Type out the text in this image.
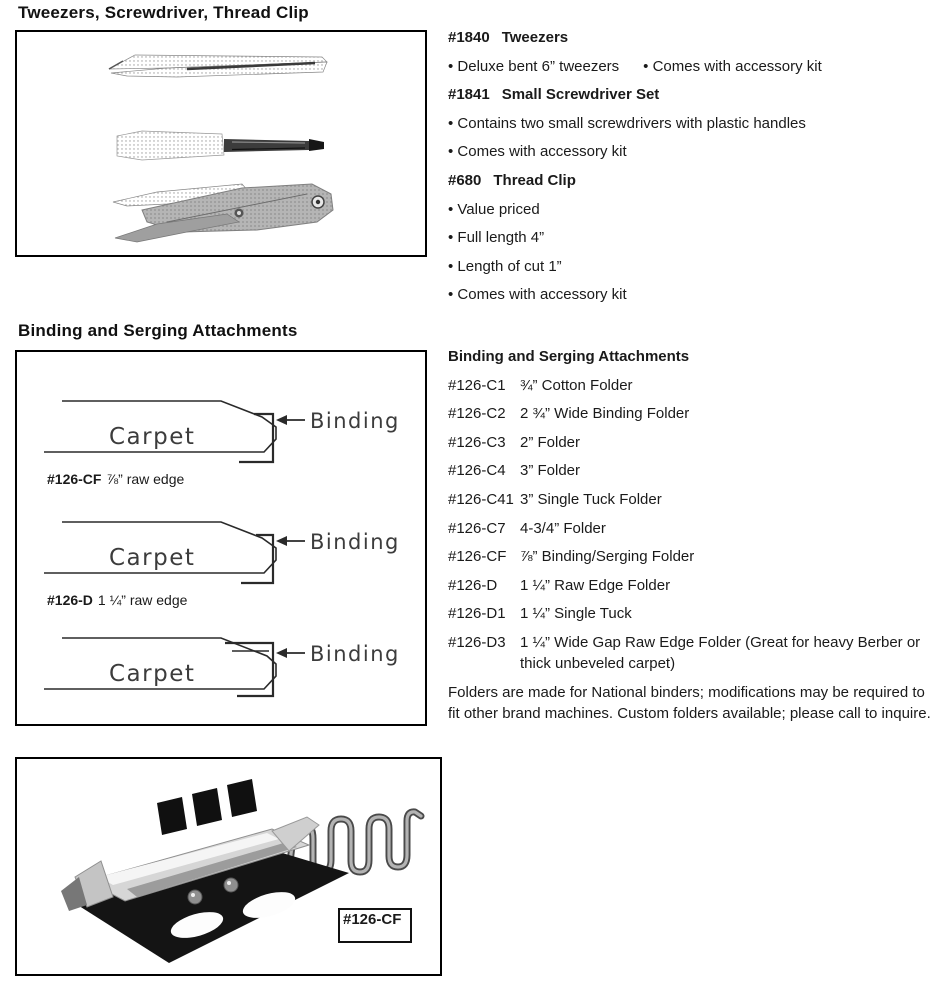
Tweezers, Screwdriver, Thread Clip
#1840 Tweezers
• Deluxe bent 6” tweezers • Comes with accessory kit
#1841 Small Screwdriver Set
• Contains two small screwdrivers with plastic handles
• Comes with accessory kit
#680 Thread Clip
• Value priced
• Full length 4”
• Length of cut 1”
• Comes with accessory kit
Binding and Serging Attachments
Carpet
Binding
#126-CF ⅞” raw edge
Carpet
Binding
#126-D 1 ¼” raw edge
Carpet
Binding
Binding and Serging Attachments
#126-C1 ¾” Cotton Folder
#126-C2 2 ¾” Wide Binding Folder
#126-C3 2” Folder
#126-C4 3” Folder
#126-C41 3” Single Tuck Folder
#126-C7 4-3/4” Folder
#126-CF ⅞” Binding/Serging Folder
#126-D	1 ¼” Raw Edge Folder
#126-D1 1 ¼” Single Tuck
#126-D3 1 ¼” Wide Gap Raw Edge Folder (Great for heavy Berber or thick unbeveled carpet)

Folders are made for National binders; modifications may be required to fit other brand machines. Custom folders available; please call to inquire.

#126-CF
